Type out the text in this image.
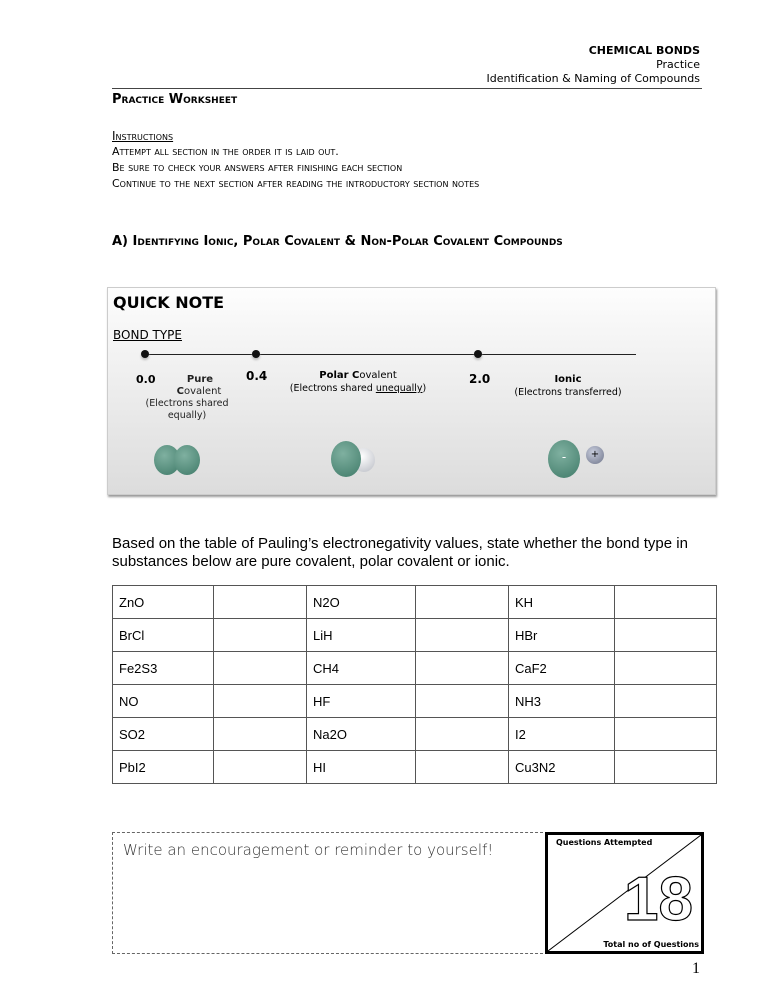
CHEMICAL BONDS
Practice
Identification & Naming of Compounds
Practice Worksheet
Instructions
Attempt all section in the order it is laid out.
Be sure to check your answers after finishing each section
Continue to the next section after reading the introductory section notes
A) Identifying Ionic, Polar Covalent & Non-Polar Covalent Compounds
QUICK NOTE
BOND TYPE
0.0	Pure
Covalent
(Electrons shared equally)
0.4	Polar Covalent
(Electrons shared unequally)
2.0	Ionic
(Electrons transferred)
-	+
Based on the table of Pauling’s electronegativity values, state whether the bond type in substances below are pure covalent, polar covalent or ionic.
ZnO		N2O		KH	
BrCl		LiH		HBr	
Fe2S3		CH4		CaF2	
NO		HF		NH3	
SO2		Na2O		I2	
PbI2		HI		Cu3N2	
Write an encouragement or reminder to yourself!	Questions Attempted
18
Total no of Questions
1
